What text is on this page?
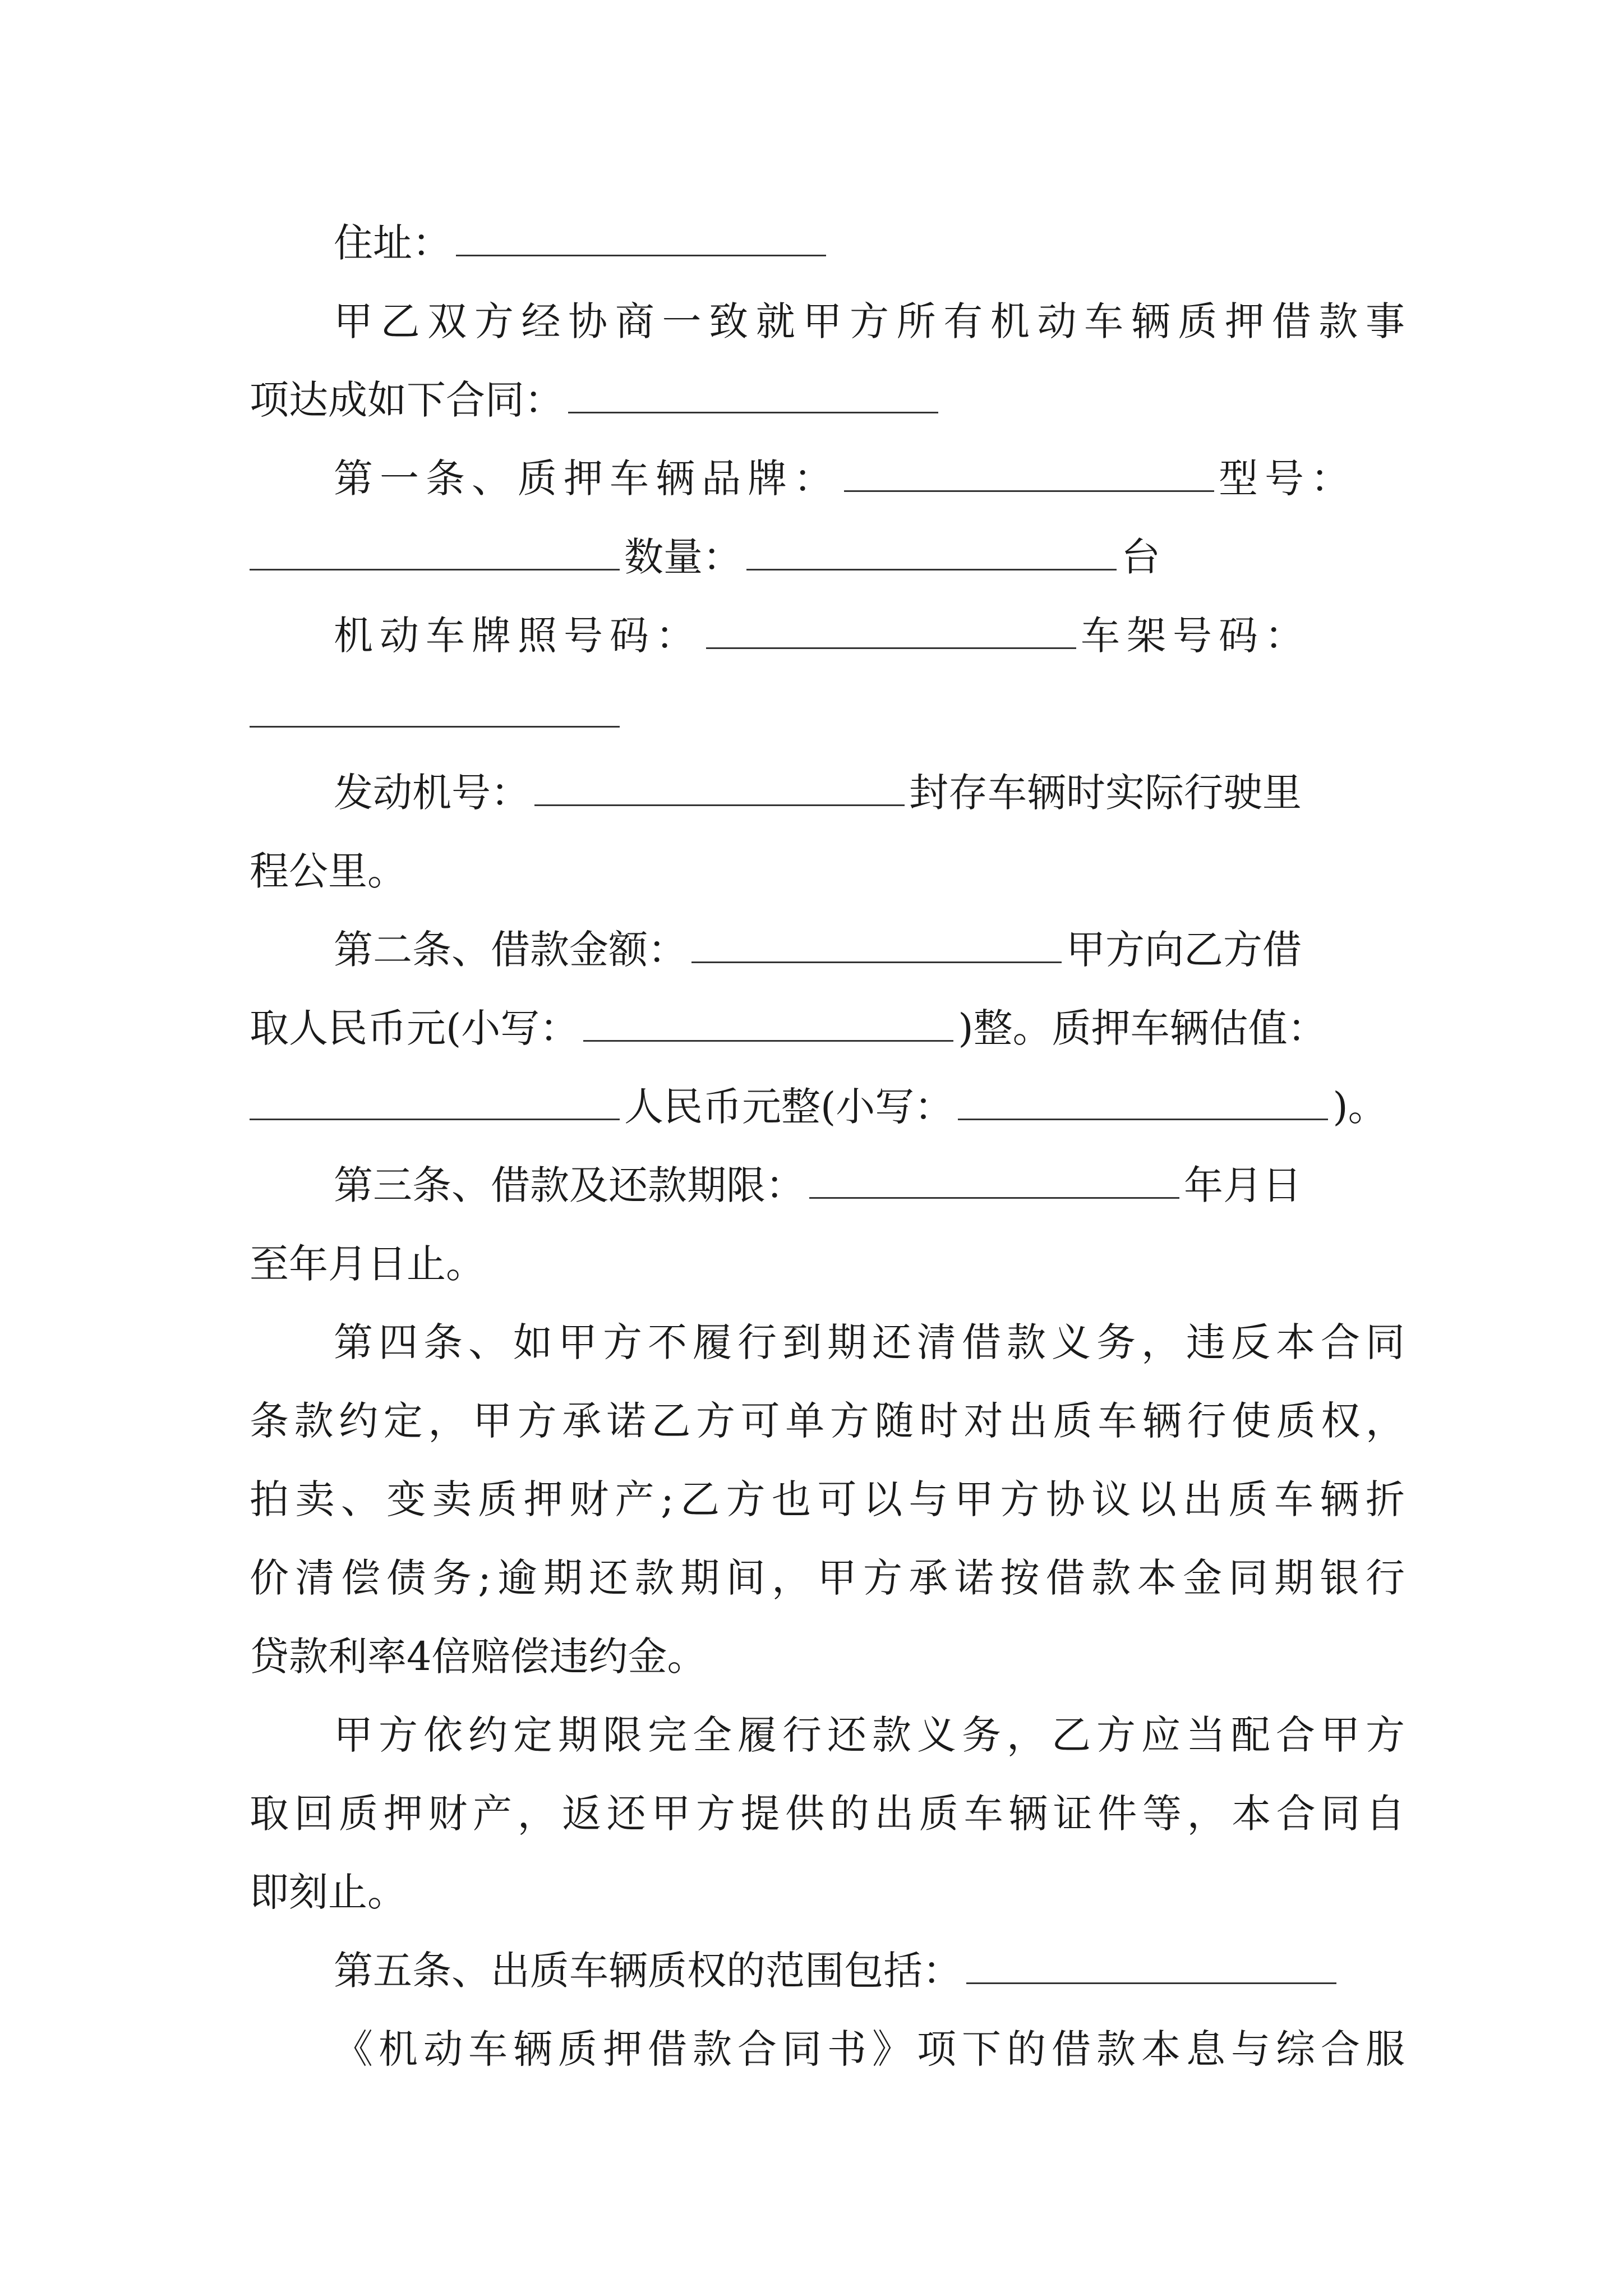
住址：
甲乙双方经协商一致就甲方所有机动车辆质押借款事
项达成如下合同：
第一条、质押车辆品牌：	型号：
数量：	台
机动车牌照号码：	车架号码：
发动机号：	封存车辆时实际行驶里
程公里。
第二条、借款金额：	甲方向乙方借
取人民币元(小写：	)整。质押车辆估值：
人民币元整(小写：	)。
第三条、借款及还款期限：	年月日
至年月日止。
第四条、如甲方不履行到期还清借款义务，违反本合同
条款约定，甲方承诺乙方可单方随时对出质车辆行使质权，
拍卖、变卖质押财产;乙方也可以与甲方协议以出质车辆折
价清偿债务;逾期还款期间，甲方承诺按借款本金同期银行
贷款利率4倍赔偿违约金。
甲方依约定期限完全履行还款义务，乙方应当配合甲方
取回质押财产，返还甲方提供的出质车辆证件等，本合同自
即刻止。
第五条、出质车辆质权的范围包括：
《机动车辆质押借款合同书》项下的借款本息与综合服
